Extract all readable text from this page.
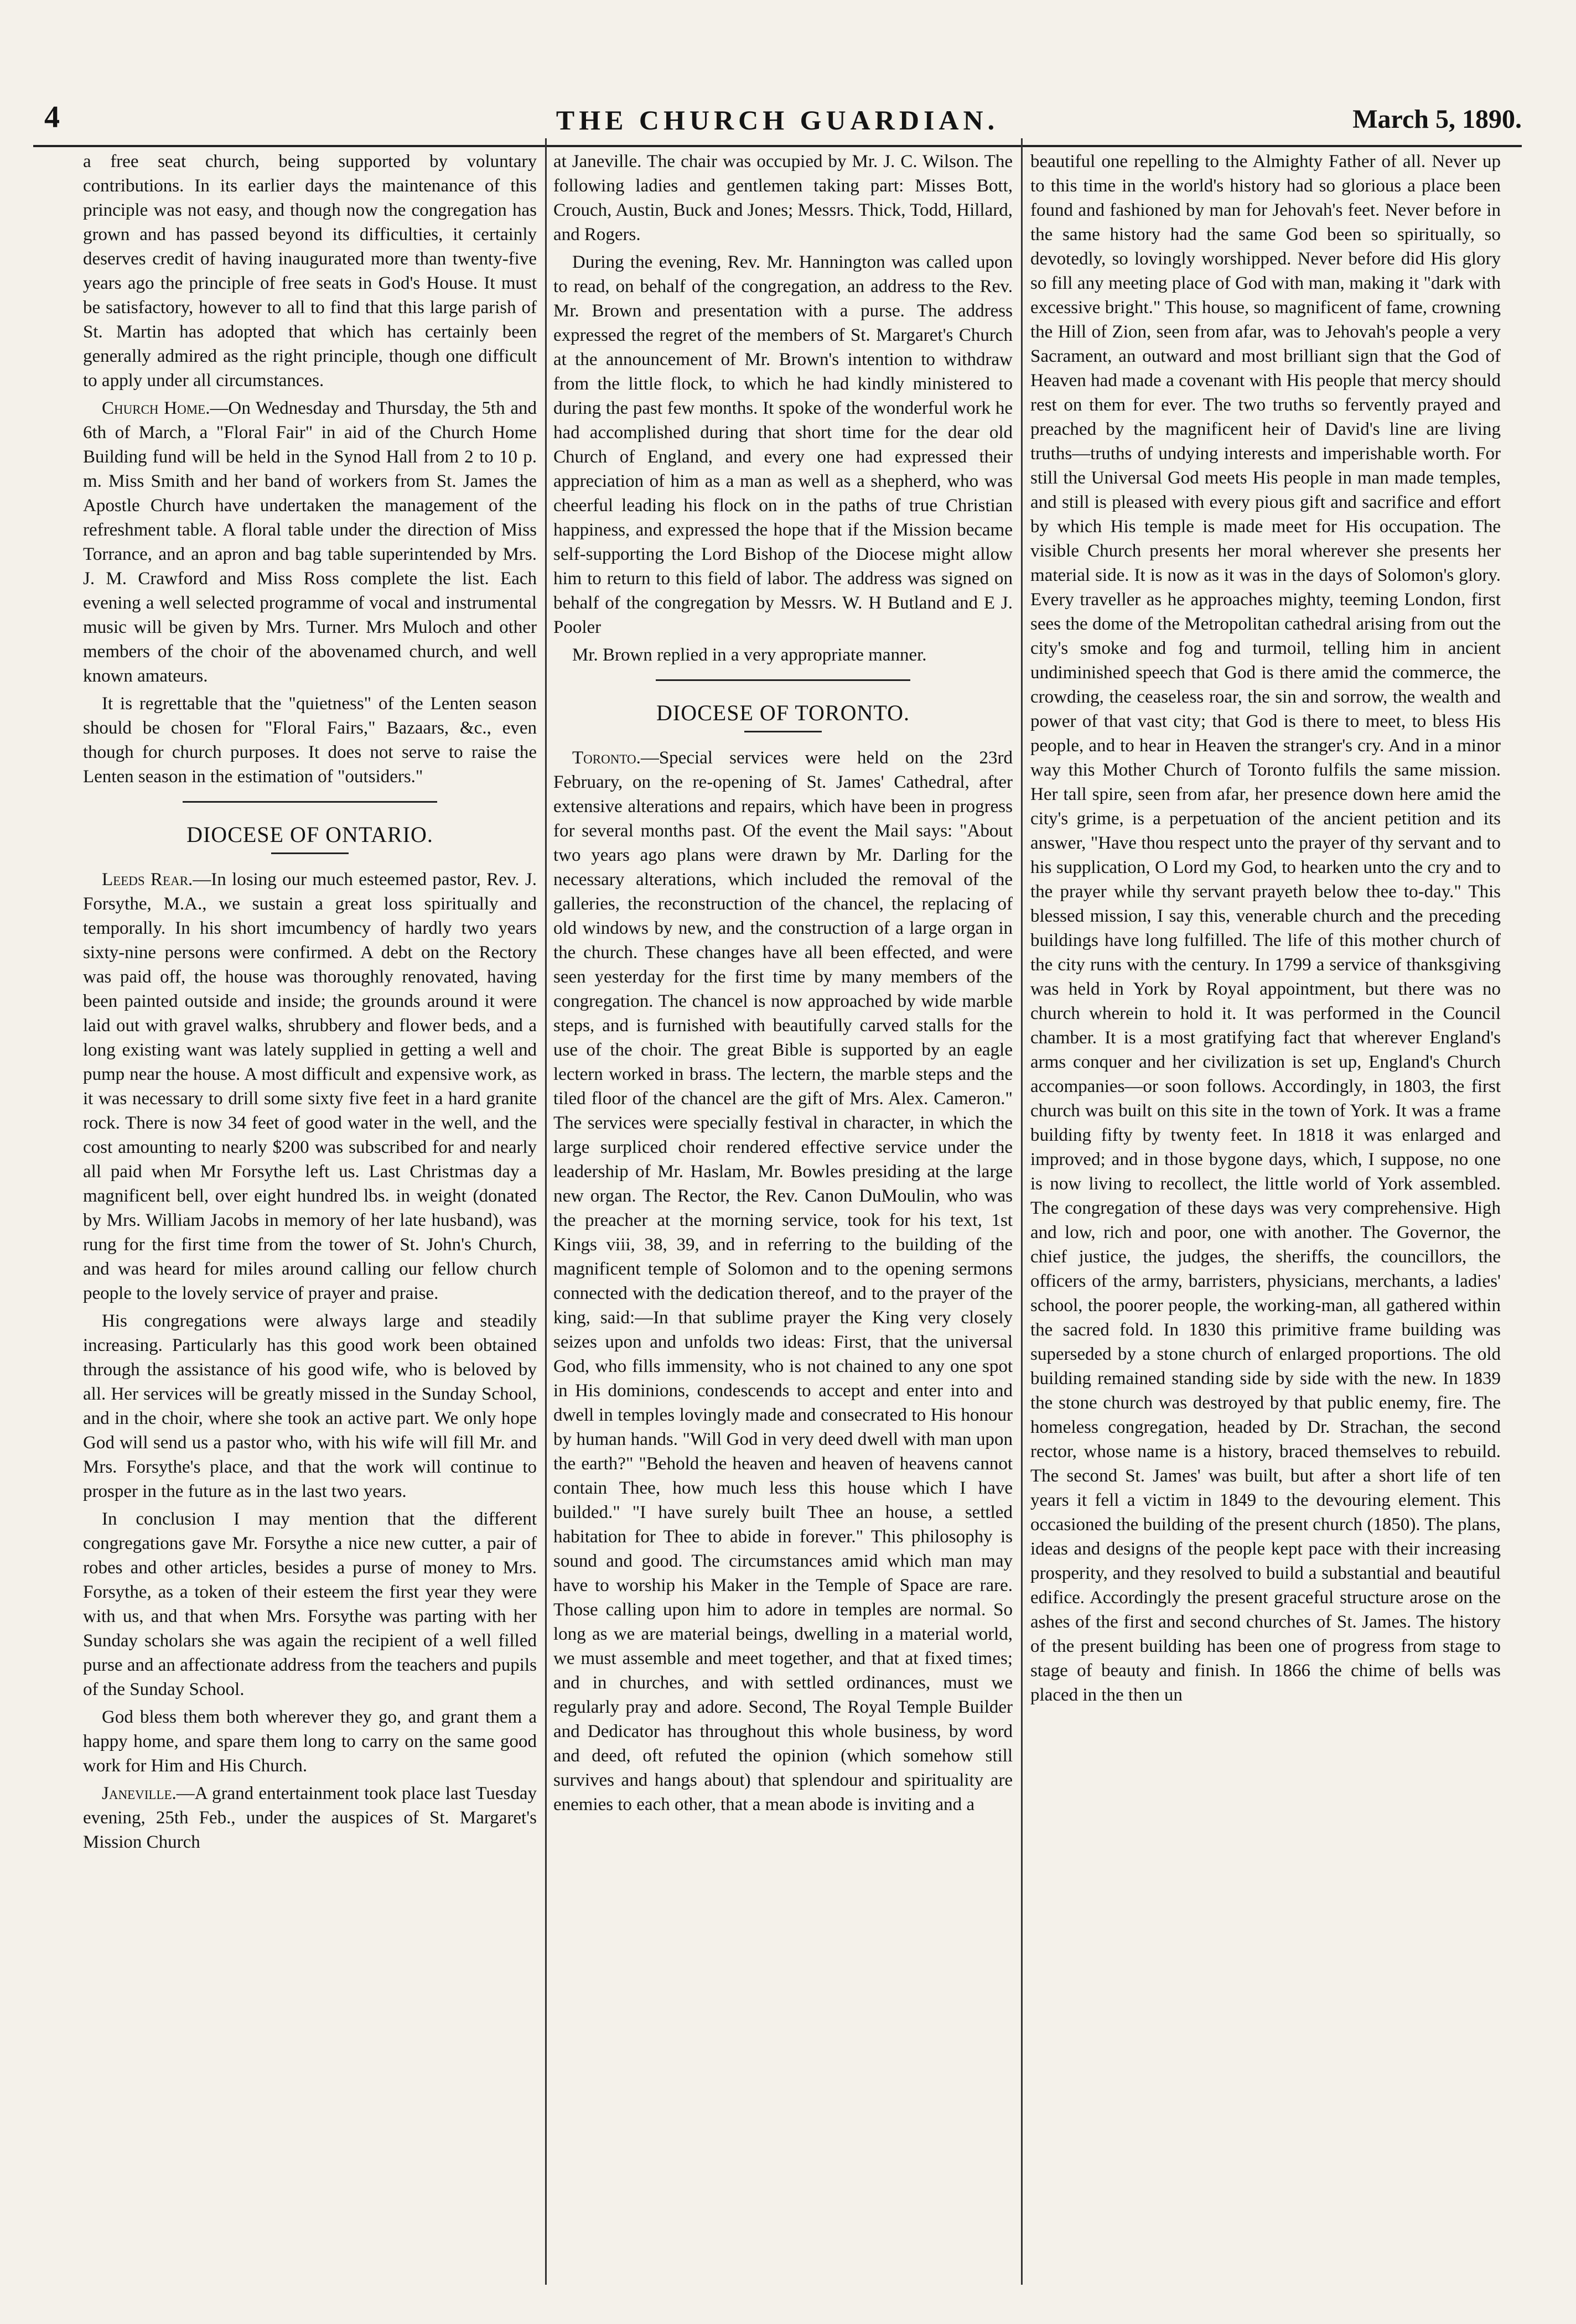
4	THE CHURCH GUARDIAN.	March 5, 1890.

a free seat church, being supported by voluntary contributions. In its earlier days the maintenance of this principle was not easy, and though now the congregation has grown and has passed beyond its difficulties, it certainly deserves credit of having inaugurated more than twenty-five years ago the principle of free seats in God's House. It must be satisfactory, however to all to find that this large parish of St. Martin has adopted that which has certainly been generally admired as the right principle, though one difficult to apply under all circumstances.

Church Home.—On Wednesday and Thursday, the 5th and 6th of March, a "Floral Fair" in aid of the Church Home Building fund will be held in the Synod Hall from 2 to 10 p. m. Miss Smith and her band of workers from St. James the Apostle Church have undertaken the management of the refreshment table. A floral table under the direction of Miss Torrance, and an apron and bag table superintended by Mrs. J. M. Crawford and Miss Ross complete the list. Each evening a well selected programme of vocal and instrumental music will be given by Mrs. Turner. Mrs Muloch and other members of the choir of the abovenamed church, and well known amateurs.

It is regrettable that the "quietness" of the Lenten season should be chosen for "Floral Fairs," Bazaars, &c., even though for church purposes. It does not serve to raise the Lenten season in the estimation of "outsiders."

DIOCESE OF ONTARIO.

Leeds Rear.—In losing our much esteemed pastor, Rev. J. Forsythe, M.A., we sustain a great loss spiritually and temporally. In his short imcumbency of hardly two years sixty-nine persons were confirmed. A debt on the Rectory was paid off, the house was thoroughly renovated, having been painted outside and inside; the grounds around it were laid out with gravel walks, shrubbery and flower beds, and a long existing want was lately supplied in getting a well and pump near the house. A most difficult and expensive work, as it was necessary to drill some sixty five feet in a hard granite rock. There is now 34 feet of good water in the well, and the cost amounting to nearly $200 was subscribed for and nearly all paid when Mr Forsythe left us. Last Christmas day a magnificent bell, over eight hundred lbs. in weight (donated by Mrs. William Jacobs in memory of her late husband), was rung for the first time from the tower of St. John's Church, and was heard for miles around calling our fellow church people to the lovely service of prayer and praise.

His congregations were always large and steadily increasing. Particularly has this good work been obtained through the assistance of his good wife, who is beloved by all. Her services will be greatly missed in the Sunday School, and in the choir, where she took an active part. We only hope God will send us a pastor who, with his wife will fill Mr. and Mrs. Forsythe's place, and that the work will continue to prosper in the future as in the last two years.

In conclusion I may mention that the different congregations gave Mr. Forsythe a nice new cutter, a pair of robes and other articles, besides a purse of money to Mrs. Forsythe, as a token of their esteem the first year they were with us, and that when Mrs. Forsythe was parting with her Sunday scholars she was again the recipient of a well filled purse and an affectionate address from the teachers and pupils of the Sunday School.

God bless them both wherever they go, and grant them a happy home, and spare them long to carry on the same good work for Him and His Church.

Janeville.—A grand entertainment took place last Tuesday evening, 25th Feb., under the auspices of St. Margaret's Mission Church

at Janeville. The chair was occupied by Mr. J. C. Wilson. The following ladies and gentlemen taking part: Misses Bott, Crouch, Austin, Buck and Jones; Messrs. Thick, Todd, Hillard, and Rogers.

During the evening, Rev. Mr. Hannington was called upon to read, on behalf of the congregation, an address to the Rev. Mr. Brown and presentation with a purse. The address expressed the regret of the members of St. Margaret's Church at the announcement of Mr. Brown's intention to withdraw from the little flock, to which he had kindly ministered to during the past few months. It spoke of the wonderful work he had accomplished during that short time for the dear old Church of England, and every one had expressed their appreciation of him as a man as well as a shepherd, who was cheerful leading his flock on in the paths of true Christian happiness, and expressed the hope that if the Mission became self-supporting the Lord Bishop of the Diocese might allow him to return to this field of labor. The address was signed on behalf of the congregation by Messrs. W. H Butland and E J. Pooler

Mr. Brown replied in a very appropriate manner.

DIOCESE OF TORONTO.

Toronto.—Special services were held on the 23rd February, on the re-opening of St. James' Cathedral, after extensive alterations and repairs, which have been in progress for several months past. Of the event the Mail says: "About two years ago plans were drawn by Mr. Darling for the necessary alterations, which included the removal of the galleries, the reconstruction of the chancel, the replacing of old windows by new, and the construction of a large organ in the church. These changes have all been effected, and were seen yesterday for the first time by many members of the congregation. The chancel is now approached by wide marble steps, and is furnished with beautifully carved stalls for the use of the choir. The great Bible is supported by an eagle lectern worked in brass. The lectern, the marble steps and the tiled floor of the chancel are the gift of Mrs. Alex. Cameron." The services were specially festival in character, in which the large surpliced choir rendered effective service under the leadership of Mr. Haslam, Mr. Bowles presiding at the large new organ. The Rector, the Rev. Canon DuMoulin, who was the preacher at the morning service, took for his text, 1st Kings viii, 38, 39, and in referring to the building of the magnificent temple of Solomon and to the opening sermons connected with the dedication thereof, and to the prayer of the king, said:—In that sublime prayer the King very closely seizes upon and unfolds two ideas: First, that the universal God, who fills immensity, who is not chained to any one spot in His dominions, condescends to accept and enter into and dwell in temples lovingly made and consecrated to His honour by human hands. "Will God in very deed dwell with man upon the earth?" "Behold the heaven and heaven of heavens cannot contain Thee, how much less this house which I have builded." "I have surely built Thee an house, a settled habitation for Thee to abide in forever." This philosophy is sound and good. The circumstances amid which man may have to worship his Maker in the Temple of Space are rare. Those calling upon him to adore in temples are normal. So long as we are material beings, dwelling in a material world, we must assemble and meet together, and that at fixed times; and in churches, and with settled ordinances, must we regularly pray and adore. Second, The Royal Temple Builder and Dedicator has throughout this whole business, by word and deed, oft refuted the opinion (which somehow still survives and hangs about) that splendour and spirituality are enemies to each other, that a mean abode is inviting and a

beautiful one repelling to the Almighty Father of all. Never up to this time in the world's history had so glorious a place been found and fashioned by man for Jehovah's feet. Never before in the same history had the same God been so spiritually, so devotedly, so lovingly worshipped. Never before did His glory so fill any meeting place of God with man, making it "dark with excessive bright." This house, so magnificent of fame, crowning the Hill of Zion, seen from afar, was to Jehovah's people a very Sacrament, an outward and most brilliant sign that the God of Heaven had made a covenant with His people that mercy should rest on them for ever. The two truths so fervently prayed and preached by the magnificent heir of David's line are living truths—truths of undying interests and imperishable worth. For still the Universal God meets His people in man made temples, and still is pleased with every pious gift and sacrifice and effort by which His temple is made meet for His occupation. The visible Church presents her moral wherever she presents her material side. It is now as it was in the days of Solomon's glory. Every traveller as he approaches mighty, teeming London, first sees the dome of the Metropolitan cathedral arising from out the city's smoke and fog and turmoil, telling him in ancient undiminished speech that God is there amid the commerce, the crowding, the ceaseless roar, the sin and sorrow, the wealth and power of that vast city; that God is there to meet, to bless His people, and to hear in Heaven the stranger's cry. And in a minor way this Mother Church of Toronto fulfils the same mission. Her tall spire, seen from afar, her presence down here amid the city's grime, is a perpetuation of the ancient petition and its answer, "Have thou respect unto the prayer of thy servant and to his supplication, O Lord my God, to hearken unto the cry and to the prayer while thy servant prayeth below thee to-day." This blessed mission, I say this, venerable church and the preceding buildings have long fulfilled. The life of this mother church of the city runs with the century. In 1799 a service of thanksgiving was held in York by Royal appointment, but there was no church wherein to hold it. It was performed in the Council chamber. It is a most gratifying fact that wherever England's arms conquer and her civilization is set up, England's Church accompanies—or soon follows. Accordingly, in 1803, the first church was built on this site in the town of York. It was a frame building fifty by twenty feet. In 1818 it was enlarged and improved; and in those bygone days, which, I suppose, no one is now living to recollect, the little world of York assembled. The congregation of these days was very comprehensive. High and low, rich and poor, one with another. The Governor, the chief justice, the judges, the sheriffs, the councillors, the officers of the army, barristers, physicians, merchants, a ladies' school, the poorer people, the working-man, all gathered within the sacred fold. In 1830 this primitive frame building was superseded by a stone church of enlarged proportions. The old building remained standing side by side with the new. In 1839 the stone church was destroyed by that public enemy, fire. The homeless congregation, headed by Dr. Strachan, the second rector, whose name is a history, braced themselves to rebuild. The second St. James' was built, but after a short life of ten years it fell a victim in 1849 to the devouring element. This occasioned the building of the present church (1850). The plans, ideas and designs of the people kept pace with their increasing prosperity, and they resolved to build a substantial and beautiful edifice. Accordingly the present graceful structure arose on the ashes of the first and second churches of St. James. The history of the present building has been one of progress from stage to stage of beauty and finish. In 1866 the chime of bells was placed in the then un
